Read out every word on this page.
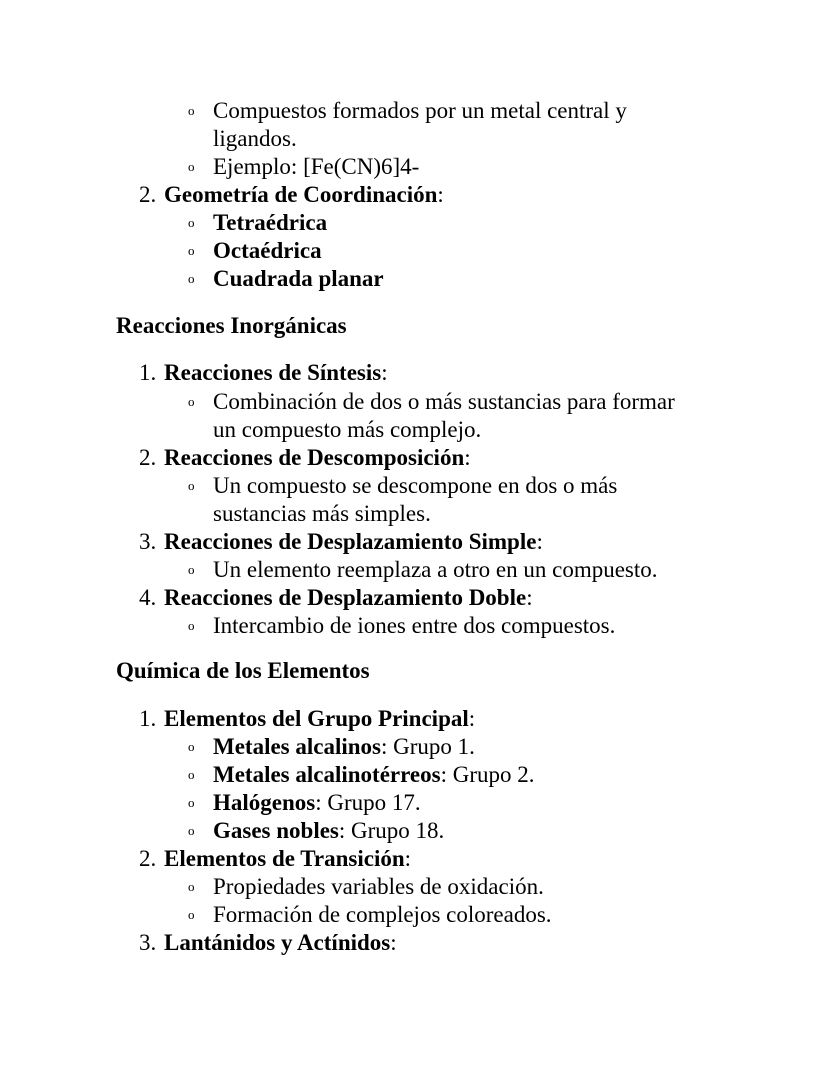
o
Compuestos formados por un metal central y
ligandos.
o
Ejemplo: [Fe(CN)6]4-
2. Geometría de Coordinación:
o
Tetraédrica
o
Octaédrica
o
Cuadrada planar
Reacciones Inorgánicas
1. Reacciones de Síntesis:
o
Combinación de dos o más sustancias para formar
un compuesto más complejo.
2. Reacciones de Descomposición:
o
Un compuesto se descompone en dos o más
sustancias más simples.
3. Reacciones de Desplazamiento Simple:
o
Un elemento reemplaza a otro en un compuesto.
4. Reacciones de Desplazamiento Doble:
o
Intercambio de iones entre dos compuestos.
Química de los Elementos
1. Elementos del Grupo Principal:
o
Metales alcalinos: Grupo 1.
o
Metales alcalinotérreos: Grupo 2.
o
Halógenos: Grupo 17.
o
Gases nobles: Grupo 18.
2. Elementos de Transición:
o
Propiedades variables de oxidación.
o
Formación de complejos coloreados.
3. Lantánidos y Actínidos:
